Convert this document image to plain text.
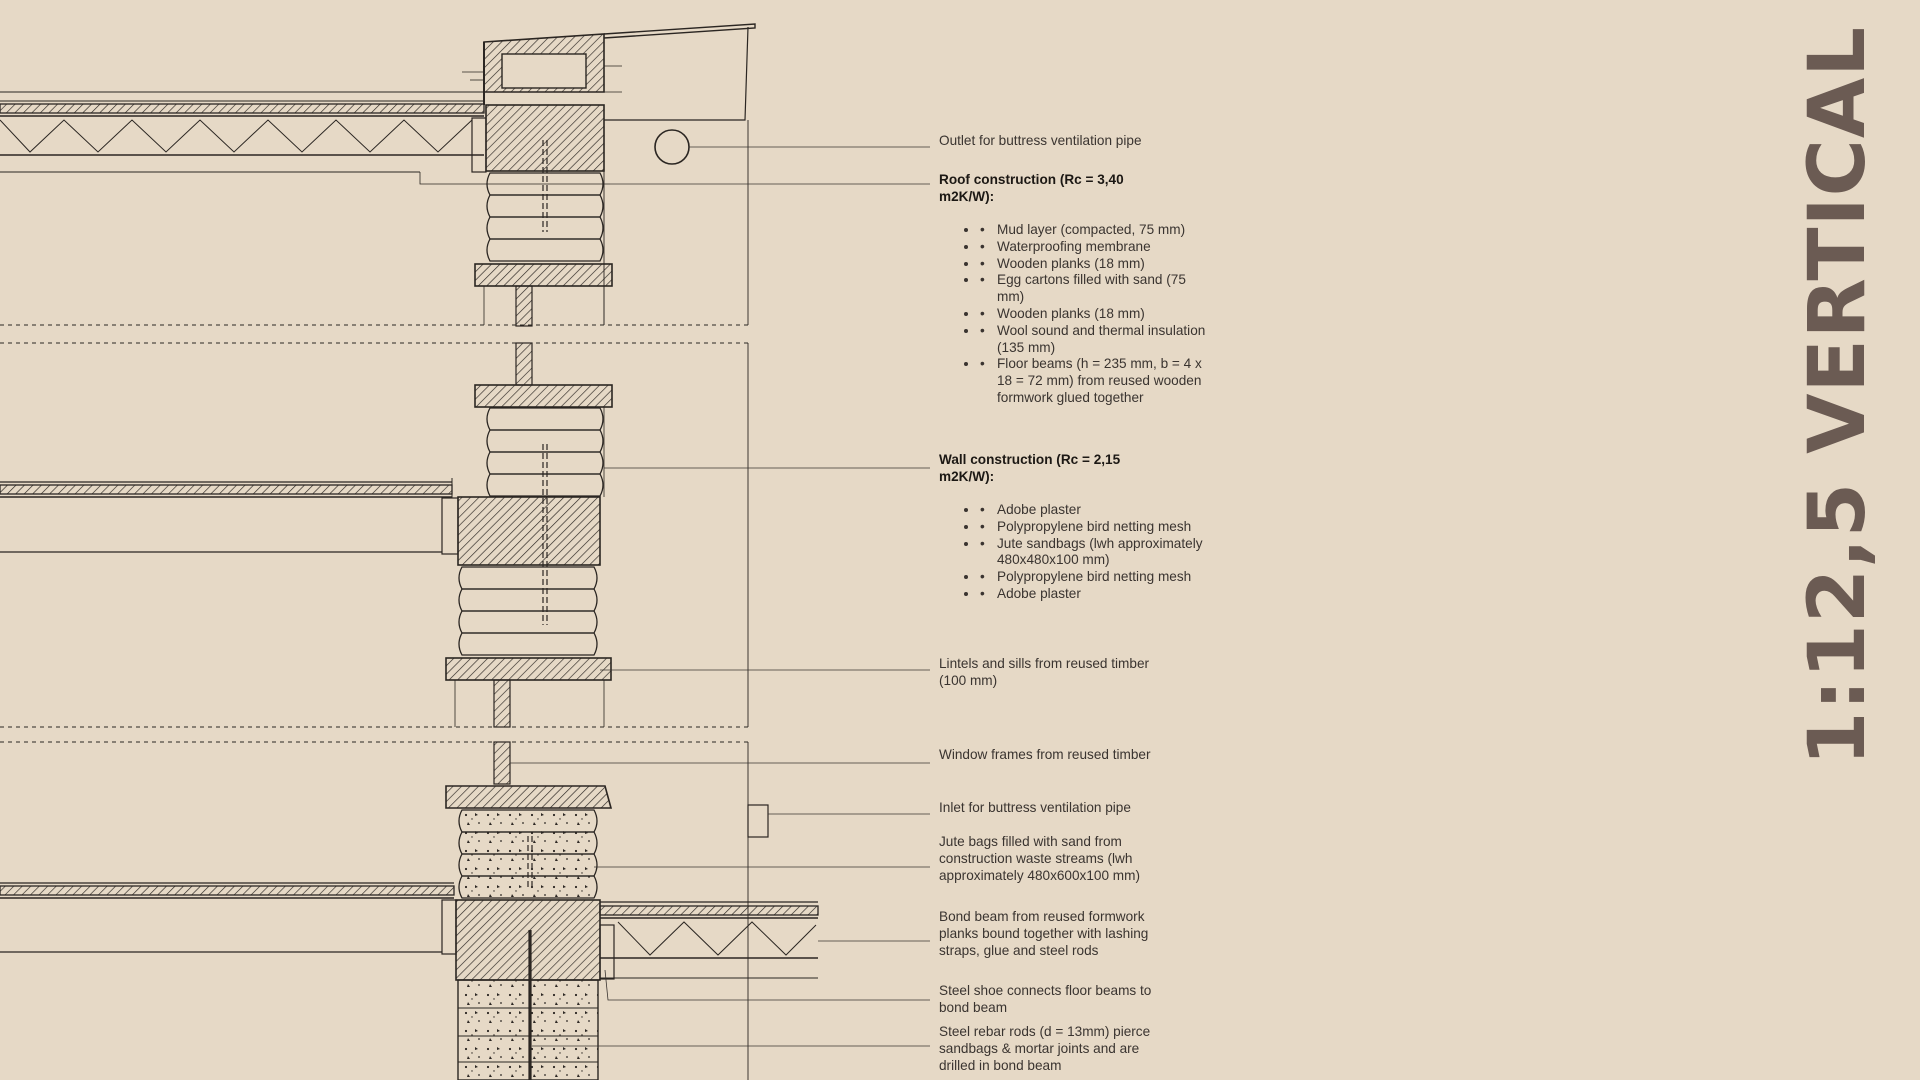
Outlet for buttress ventilation pipe

Roof construction (Rc = 3,40 m2K/W):

• • Mud layer (compacted, 75 mm)
• • Waterproofing membrane
• • Wooden planks (18 mm)
• • Egg cartons filled with sand (75 mm)
• • Wooden planks (18 mm)
• • Wool sound and thermal insulation (135 mm)
• • Floor beams (h = 235 mm, b = 4 x 18 = 72 mm) from reused wooden formwork glued together

Wall construction (Rc = 2,15 m2K/W):

• • Adobe plaster
• • Polypropylene bird netting mesh
• • Jute sandbags (lwh approximately 480x480x100 mm)
• • Polypropylene bird netting mesh
• • Adobe plaster

Lintels and sills from reused timber (100 mm)

Window frames from reused timber

Inlet for buttress ventilation pipe

Jute bags filled with sand from construction waste streams (lwh approximately 480x600x100 mm)

Bond beam from reused formwork planks bound together with lashing straps, glue and steel rods

Steel shoe connects floor beams to bond beam

Steel rebar rods (d = 13mm) pierce sandbags & mortar joints and are drilled in bond beam

1:12,5 VERTICAL
